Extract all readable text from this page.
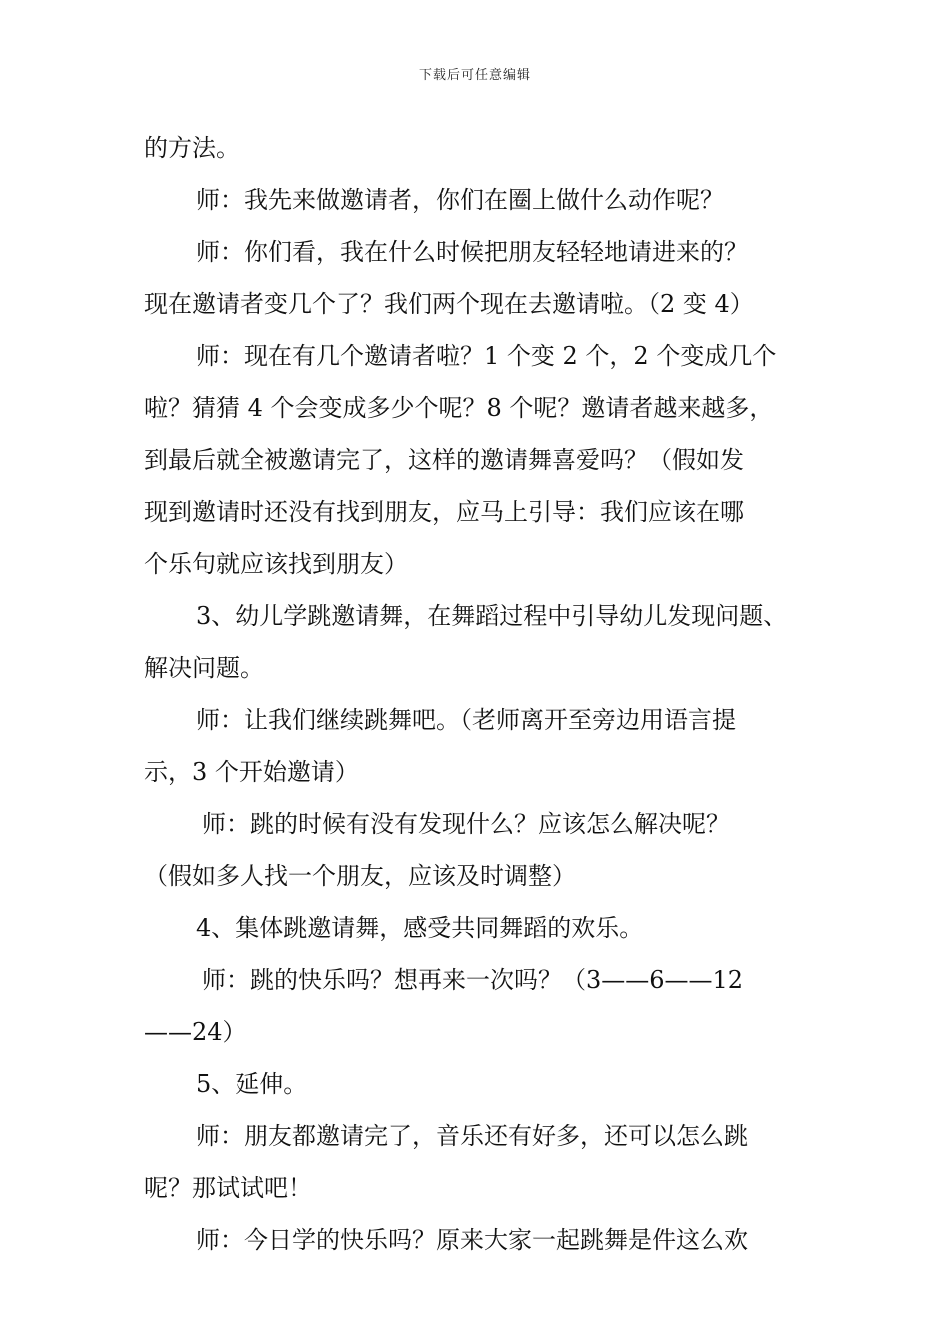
下载后可任意编辑
的方法。
师：我先来做邀请者，你们在圈上做什么动作呢？
师：你们看，我在什么时候把朋友轻轻地请进来的？
现在邀请者变几个了？我们两个现在去邀请啦。（2 变 4）
师：现在有几个邀请者啦？1 个变 2 个，2 个变成几个
啦？猜猜 4 个会变成多少个呢？8 个呢？邀请者越来越多，
到最后就全被邀请完了，这样的邀请舞喜爱吗？（假如发
现到邀请时还没有找到朋友，应马上引导：我们应该在哪
个乐句就应该找到朋友）
3、幼儿学跳邀请舞，在舞蹈过程中引导幼儿发现问题、
解决问题。
师：让我们继续跳舞吧。（老师离开至旁边用语言提
示，3 个开始邀请）
师：跳的时候有没有发现什么？应该怎么解决呢？
（假如多人找一个朋友，应该及时调整）
4、集体跳邀请舞，感受共同舞蹈的欢乐。
师：跳的快乐吗？想再来一次吗？（3——6——12
——24）
5、延伸。
师：朋友都邀请完了，音乐还有好多，还可以怎么跳
呢？那试试吧！
师：今日学的快乐吗？原来大家一起跳舞是件这么欢
